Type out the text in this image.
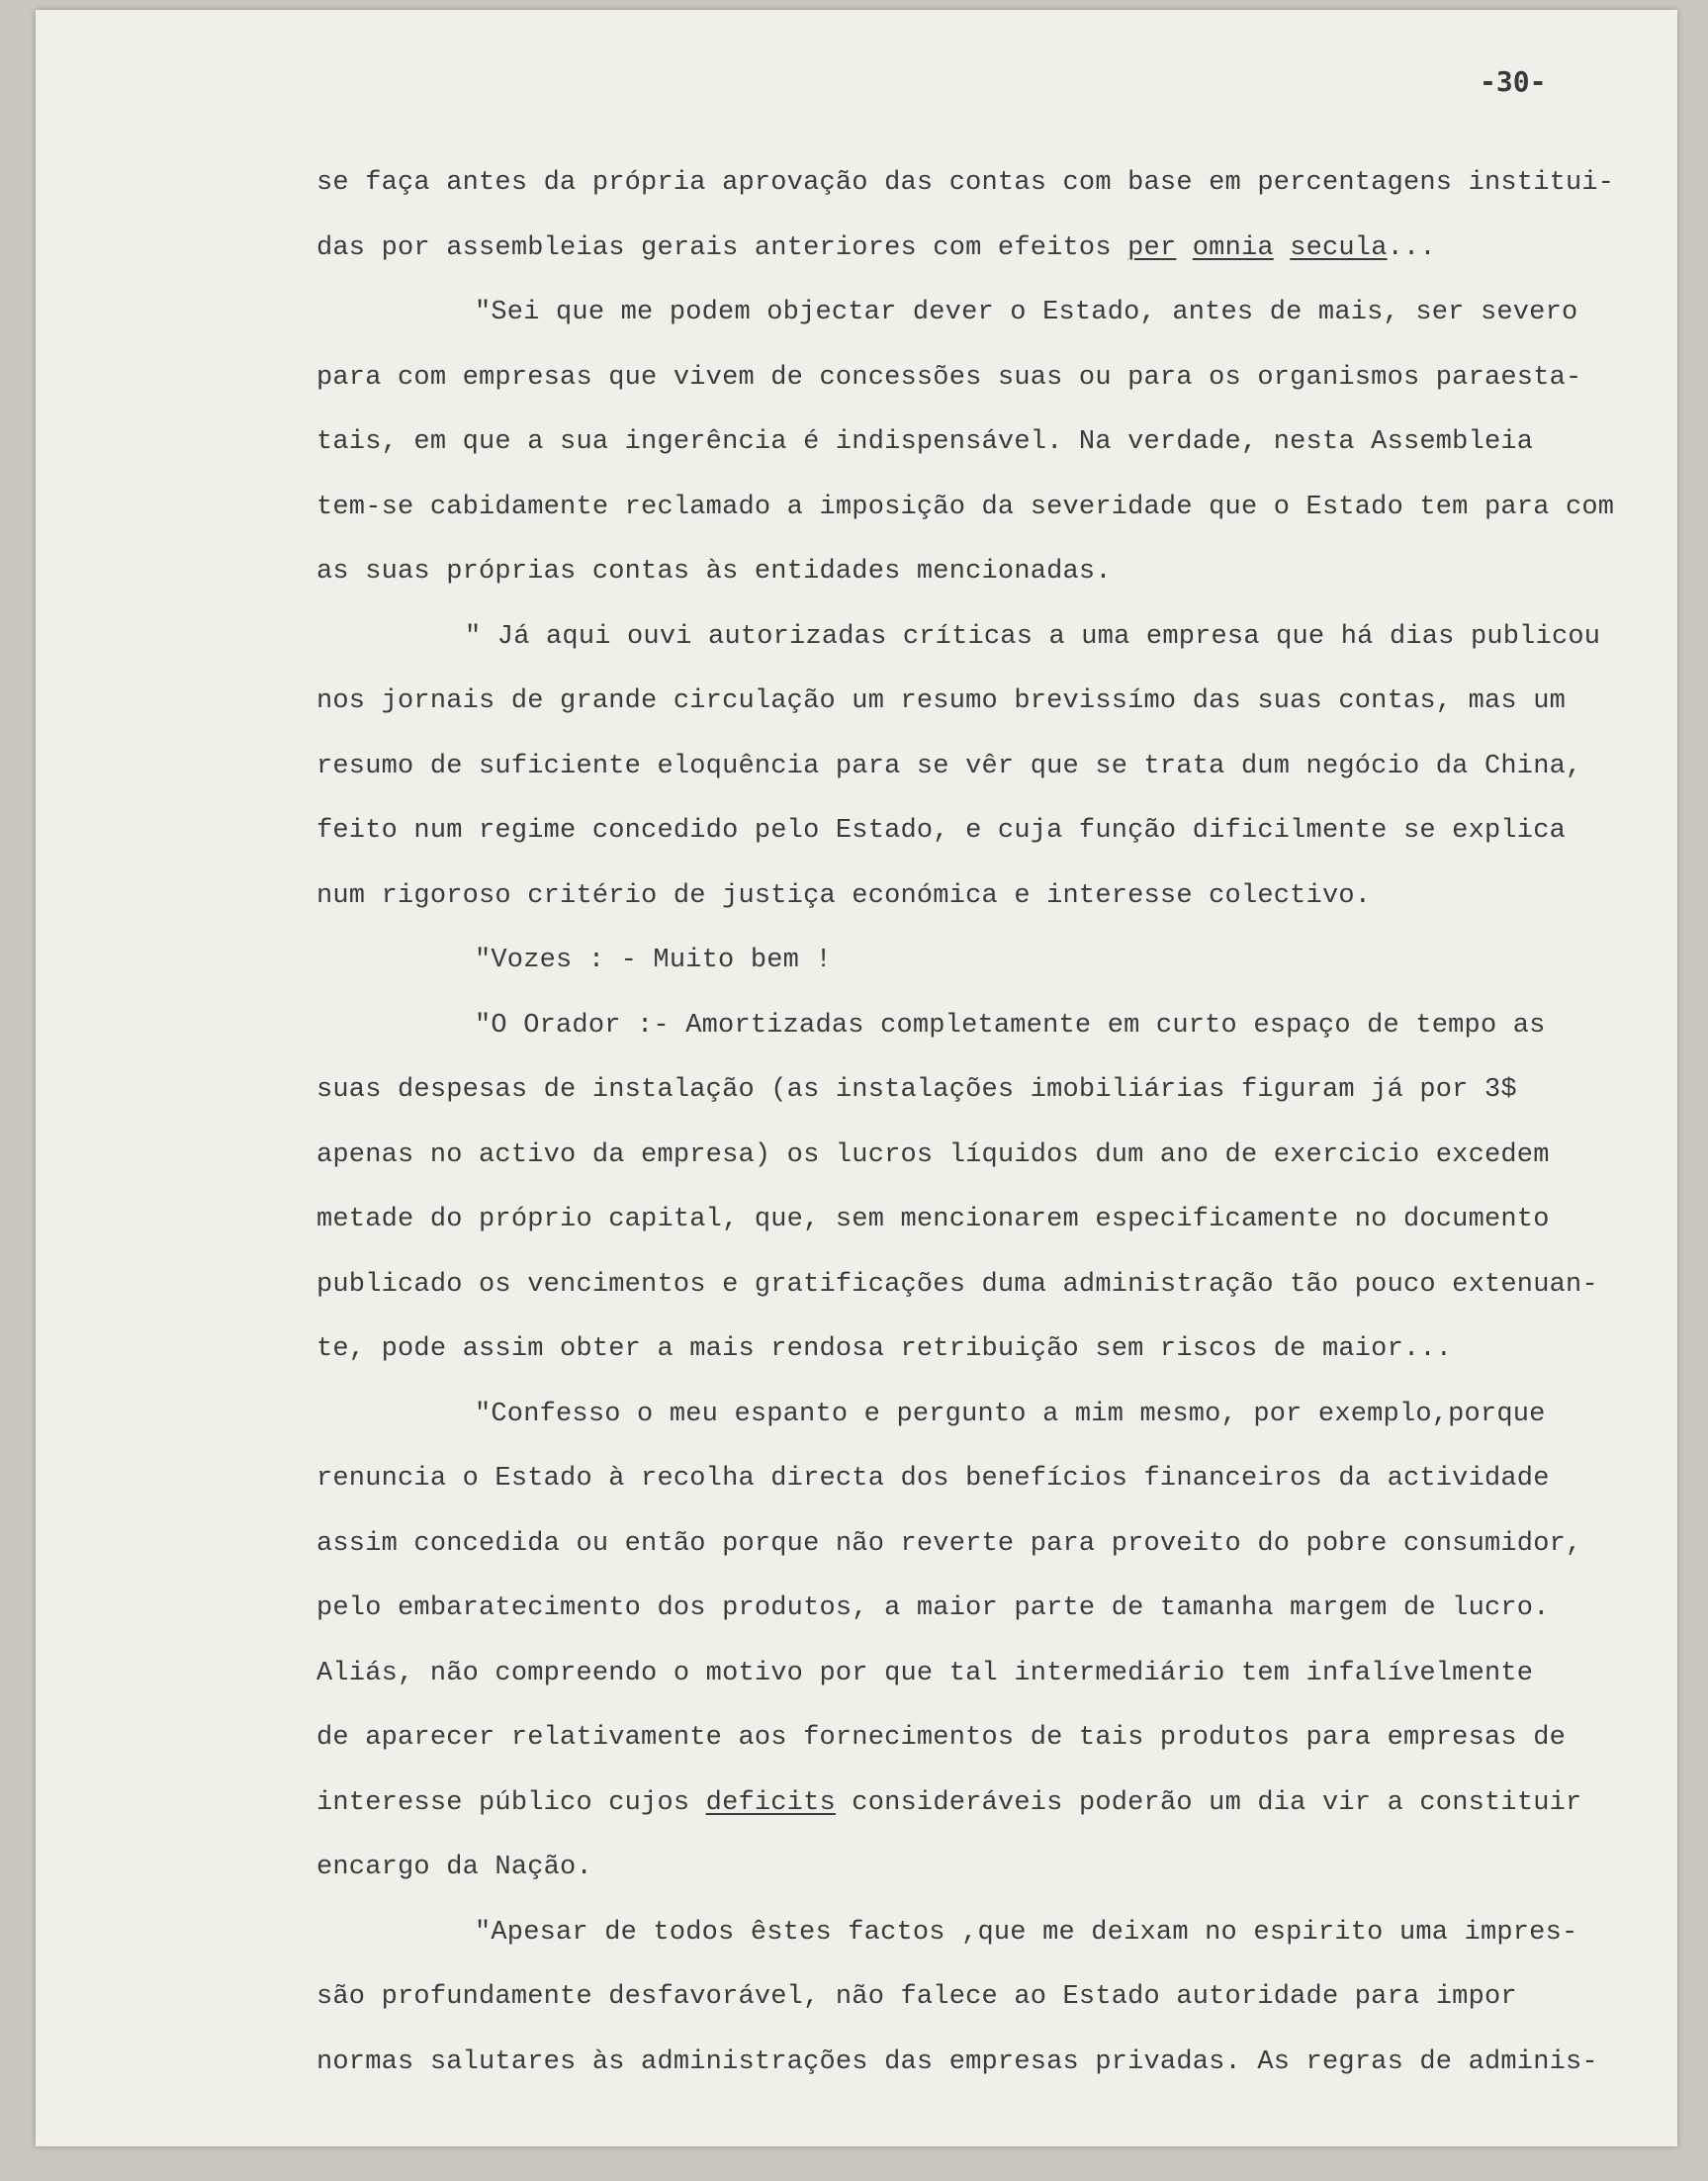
-30-

se faça antes da própria aprovação das contas com base em percentagens institui-
das por assembleias gerais anteriores com efeitos per omnia secula...
"Sei que me podem objectar dever o Estado, antes de mais, ser severo
para com empresas que vivem de concessões suas ou para os organismos paraesta-
tais, em que a sua ingerência é indispensável. Na verdade, nesta Assembleia
tem-se cabidamente reclamado a imposição da severidade que o Estado tem para com
as suas próprias contas às entidades mencionadas.
" Já aqui ouvi autorizadas críticas a uma empresa que há dias publicou
nos jornais de grande circulação um resumo brevissímo das suas contas, mas um
resumo de suficiente eloquência para se vêr que se trata dum negócio da China,
feito num regime concedido pelo Estado, e cuja função dificilmente se explica
num rigoroso critério de justiça económica e interesse colectivo.
"Vozes : - Muito bem !
"O Orador :- Amortizadas completamente em curto espaço de tempo as
suas despesas de instalação (as instalações imobiliárias figuram já por 3$
apenas no activo da empresa) os lucros líquidos dum ano de exercicio excedem
metade do próprio capital, que, sem mencionarem especificamente no documento
publicado os vencimentos e gratificações duma administração tão pouco extenuan-
te, pode assim obter a mais rendosa retribuição sem riscos de maior...
"Confesso o meu espanto e pergunto a mim mesmo, por exemplo,porque
renuncia o Estado à recolha directa dos benefícios financeiros da actividade
assim concedida ou então porque não reverte para proveito do pobre consumidor,
pelo embaratecimento dos produtos, a maior parte de tamanha margem de lucro.
Aliás, não compreendo o motivo por que tal intermediário tem infalívelmente
de aparecer relativamente aos fornecimentos de tais produtos para empresas de
interesse público cujos deficits consideráveis poderão um dia vir a constituir
encargo da Nação.
"Apesar de todos êstes factos ,que me deixam no espirito uma impres-
são profundamente desfavorável, não falece ao Estado autoridade para impor
normas salutares às administrações das empresas privadas. As regras de adminis-
